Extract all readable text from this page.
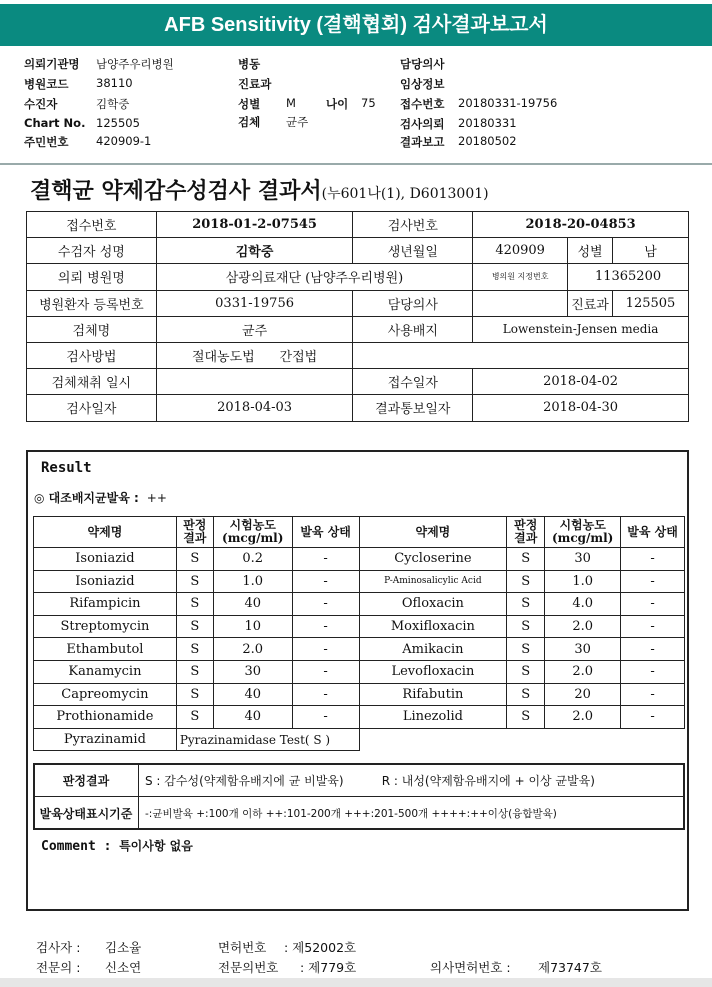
AFB Sensitivity (결핵협회) 검사결과보고서
의뢰기관명 남양주우리병원
병원코드 38110
수진자	김학중
Chart No. 125505
주민번호 420909-1
병동
진료과
성별 M	나이 75
검체 균주
담당의사
임상정보
접수번호 20180331-19756
검사의뢰 20180331
결과보고 20180502
결핵균 약제감수성검사 결과서(누601나(1), D6013001)
접수번호	2018-01-2-07545	검사번호	2018-20-04853		
수검자 성명	김학중	생년월일	420909	성별	남
의뢰 병원명	삼광의료재단 (남양주우리병원)		병의원 지정번호	11365200	
병원환자 등록번호	0331-19756	담당의사		진료과	125505
검체명	균주	사용배지	Lowenstein-Jensen media		
검사방법	절대농도법 간접법				
검체채취 일시		접수일자	2018-04-02		
검사일자	2018-04-03	결과통보일자	2018-04-30		
Result
◎ 대조배지균발육 : ++
약제명	판정 결과	시험농도 (mcg/ml)	발육 상태	약제명	판정 결과	시험농도 (mcg/ml)	발육 상태
Isoniazid	S	0.2	-	Cycloserine	S	30	-
Isoniazid	S	1.0	-	P-Aminosalicylic Acid	S	1.0	-
Rifampicin	S	40	-	Ofloxacin	S	4.0	-
Streptomycin	S	10	-	Moxifloxacin	S	2.0	-
Ethambutol	S	2.0	-	Amikacin	S	30	-
Kanamycin	S	30	-	Levofloxacin	S	2.0	-
Capreomycin	S	40	-	Rifabutin	S	20	-
Prothionamide	S	40	-	Linezolid	S	2.0	-
Pyrazinamid	Pyrazinamidase Test( S )						
판정결과	S : 감수성(약제함유배지에 균 비발육) R : 내성(약제함유배지에 + 이상 균발육)
발육상태표시기준	-:균비발육 +:100개 이하 ++:101-200개 +++:201-500개 ++++:++이상(융합발육)
Comment : 특이사항 없음
검사자 : 김소율	면허번호 : 제52002호
전문의 : 신소연	전문의번호 : 제779호	의사면허번호 : 제73747호
